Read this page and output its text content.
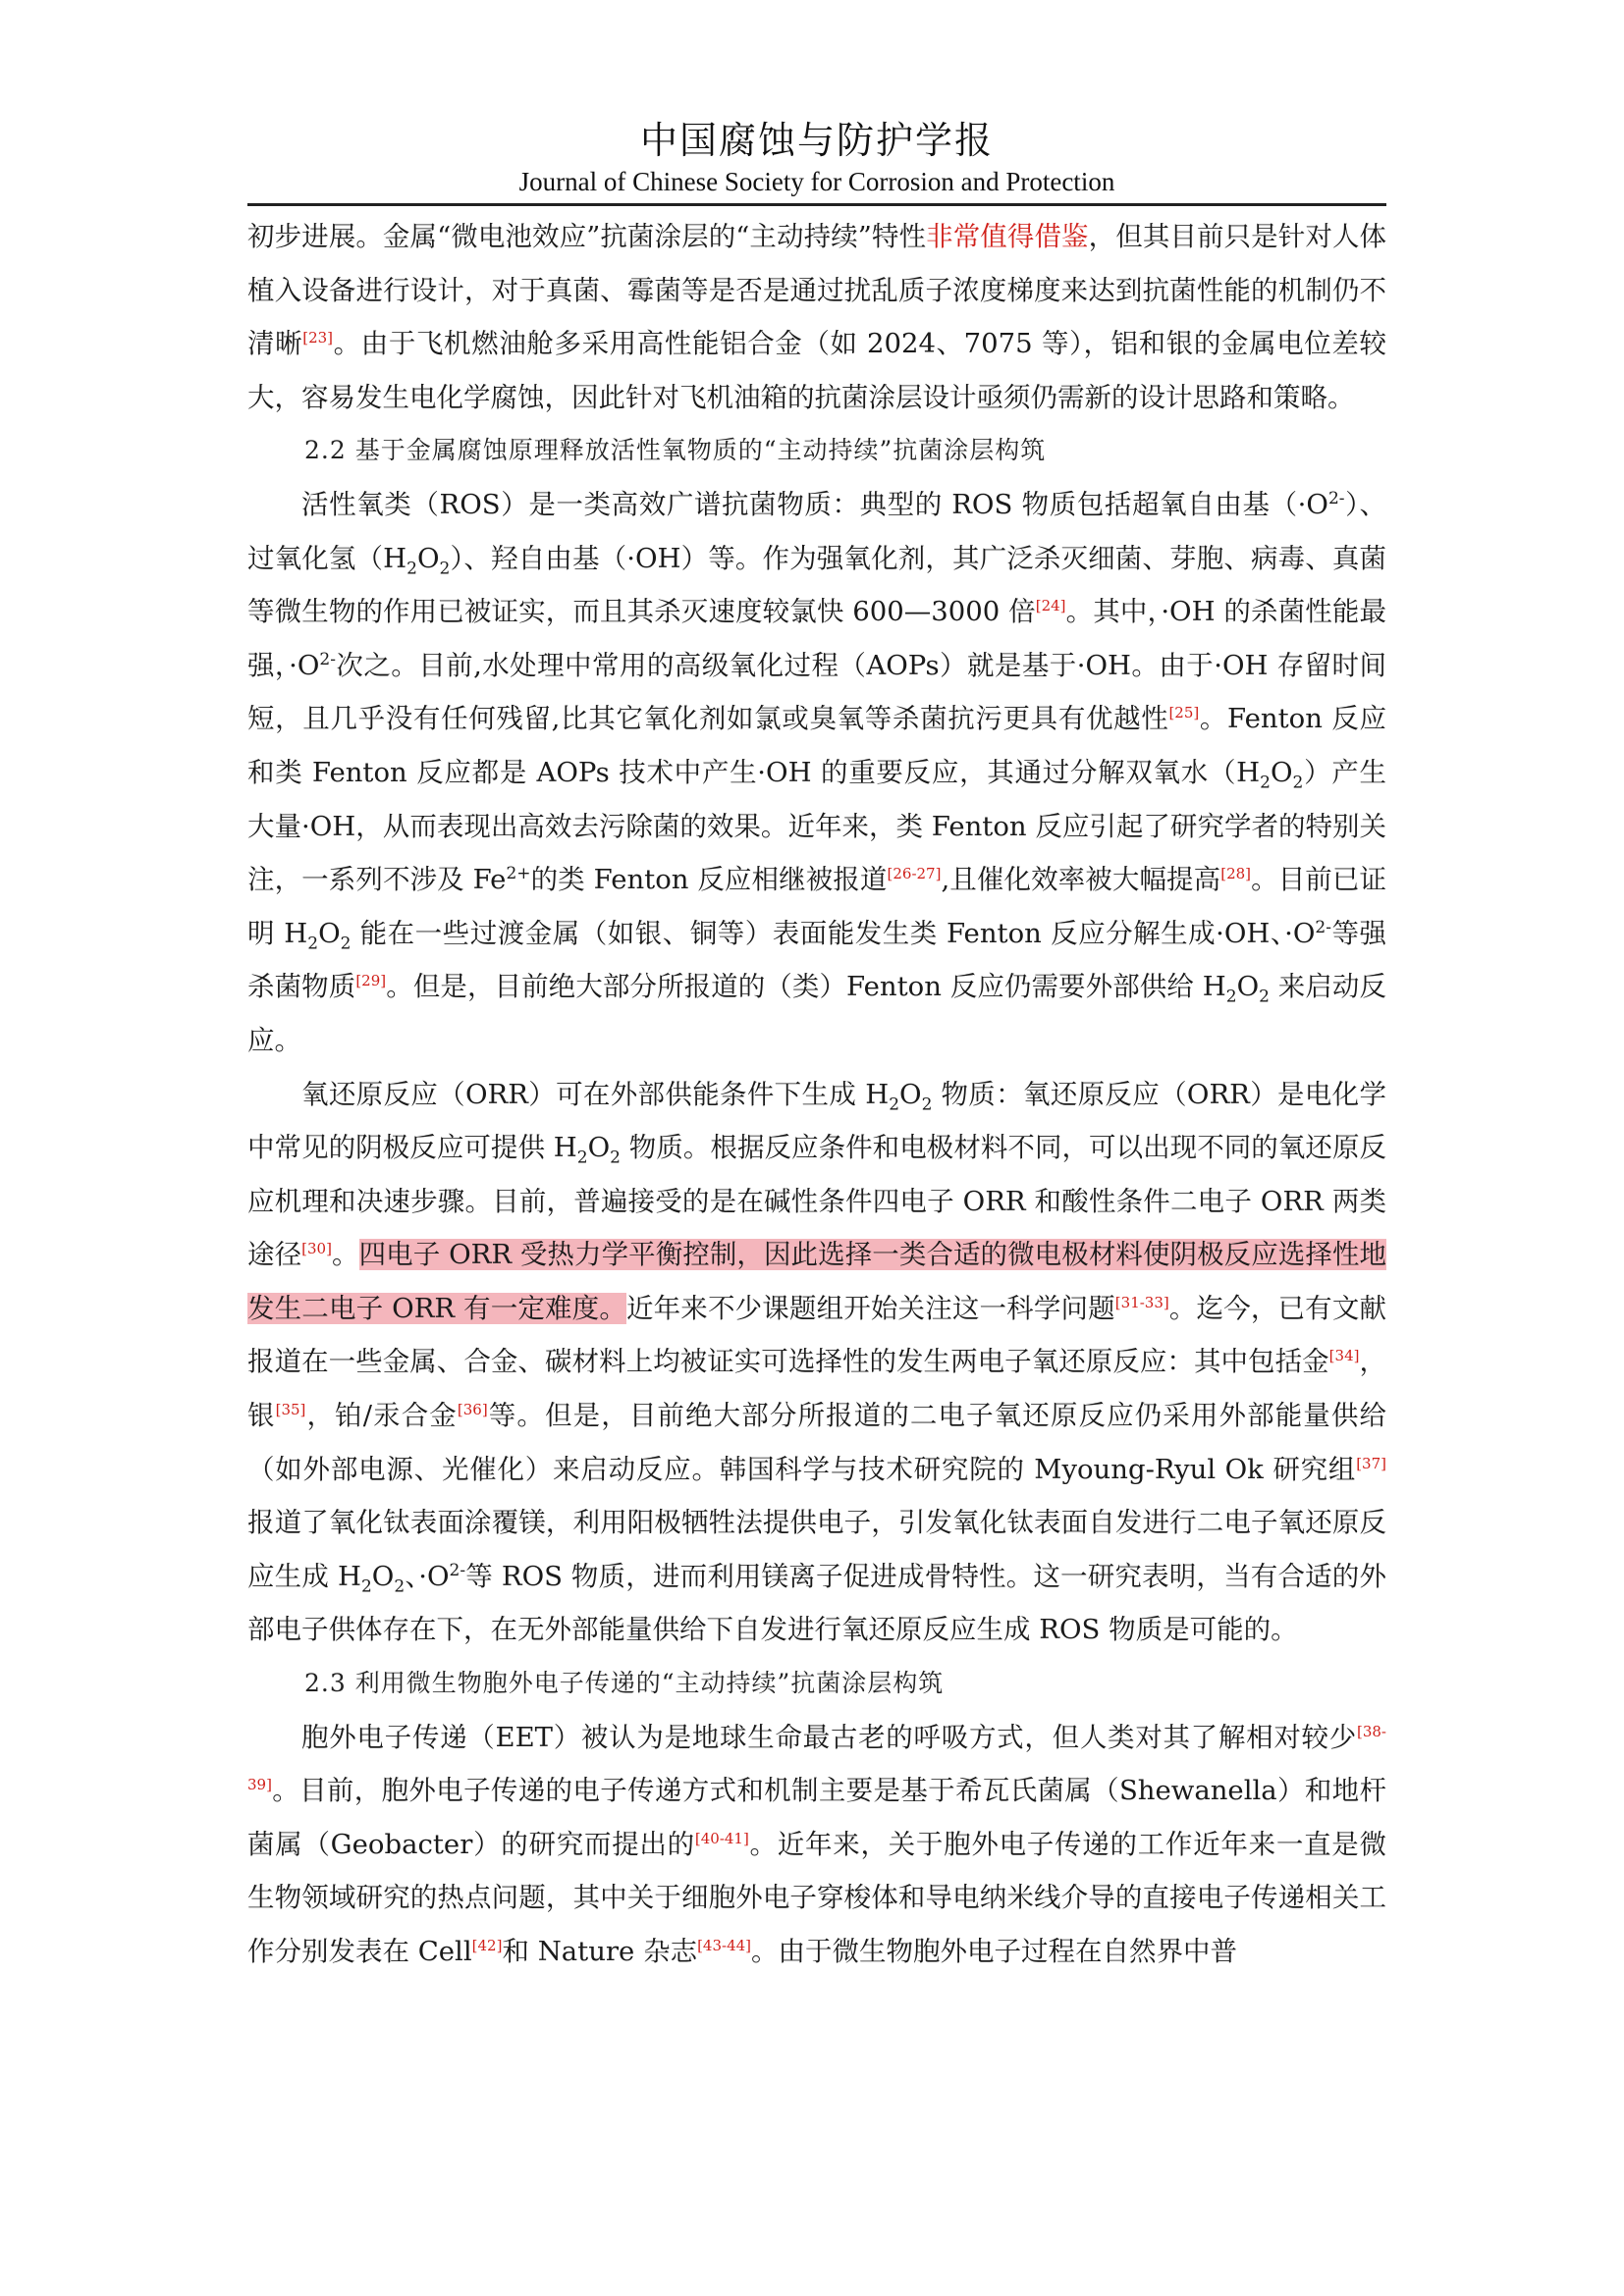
中国腐蚀与防护学报
Journal of Chinese Society for Corrosion and Protection

初步进展。金属“微电池效应”抗菌涂层的“主动持续”特性非常值得借鉴，但其目前只是针对人体植入设备进行设计，对于真菌、霉菌等是否是通过扰乱质子浓度梯度来达到抗菌性能的机制仍不清晰[23]。由于飞机燃油舱多采用高性能铝合金（如 2024、7075 等），铝和银的金属电位差较大，容易发生电化学腐蚀，因此针对飞机油箱的抗菌涂层设计亟须仍需新的设计思路和策略。

2.2 基于金属腐蚀原理释放活性氧物质的“主动持续”抗菌涂层构筑

活性氧类（ROS）是一类高效广谱抗菌物质：典型的 ROS 物质包括超氧自由基$(\cdot O^{2-})$、过氧化氢$(H_2O_2)$、羟自由基（·OH）等。作为强氧化剂，其广泛杀灭细菌、芽胞、病毒、真菌等微生物的作用已被证实，而且其杀灭速度较氯快 600—3000 倍[24]。其中，·OH 的杀菌性能最强，$\cdot O^{2-}$次之。目前,水处理中常用的高级氧化过程（AOPs）就是基于·OH。由于·OH 存留时间短，且几乎没有任何残留,比其它氧化剂如氯或臭氧等杀菌抗污更具有优越性[25]。Fenton 反应和类 Fenton 反应都是 AOPs 技术中产生·OH 的重要反应，其通过分解双氧水$(H_2O_2)$产生大量·OH，从而表现出高效去污除菌的效果。近年来，类 Fenton 反应引起了研究学者的特别关注，一系列不涉及 $Fe^{2+}$的类 Fenton 反应相继被报道[26-27],且催化效率被大幅提高[28]。目前已证明 $H_2O_2$ 能在一些过渡金属（如银、铜等）表面能发生类 Fenton 反应分解生成·OH、$\cdot O^{2-}$等强杀菌物质[29]。但是，目前绝大部分所报道的（类）Fenton 反应仍需要外部供给 $H_2O_2$ 来启动反应。

氧还原反应（ORR）可在外部供能条件下生成 $H_2O_2$ 物质：氧还原反应（ORR）是电化学中常见的阴极反应可提供 $H_2O_2$ 物质。根据反应条件和电极材料不同，可以出现不同的氧还原反应机理和决速步骤。目前，普遍接受的是在碱性条件四电子 ORR 和酸性条件二电子 ORR 两类途径[30]。四电子 ORR 受热力学平衡控制，因此选择一类合适的微电极材料使阴极反应选择性地发生二电子 ORR 有一定难度。近年来不少课题组开始关注这一科学问题[31-33]。迄今，已有文献报道在一些金属、合金、碳材料上均被证实可选择性的发生两电子氧还原反应：其中包括金[34]，银[35]，铂/汞合金[36]等。但是，目前绝大部分所报道的二电子氧还原反应仍采用外部能量供给（如外部电源、光催化）来启动反应。韩国科学与技术研究院的 Myoung-Ryul Ok 研究组[37]报道了氧化钛表面涂覆镁，利用阳极牺牲法提供电子，引发氧化钛表面自发进行二电子氧还原反应生成 $H_2O_2$、$\cdot O^{2-}$等 ROS 物质，进而利用镁离子促进成骨特性。这一研究表明，当有合适的外部电子供体存在下，在无外部能量供给下自发进行氧还原反应生成 ROS 物质是可能的。

2.3 利用微生物胞外电子传递的“主动持续”抗菌涂层构筑

胞外电子传递（EET）被认为是地球生命最古老的呼吸方式，但人类对其了解相对较少[38-39]。目前，胞外电子传递的电子传递方式和机制主要是基于希瓦氏菌属（Shewanella）和地杆菌属（Geobacter）的研究而提出的[40-41]。近年来，关于胞外电子传递的工作近年来一直是微生物领域研究的热点问题，其中关于细胞外电子穿梭体和导电纳米线介导的直接电子传递相关工作分别发表在 Cell[42]和 Nature 杂志[43-44]。由于微生物胞外电子过程在自然界中普
